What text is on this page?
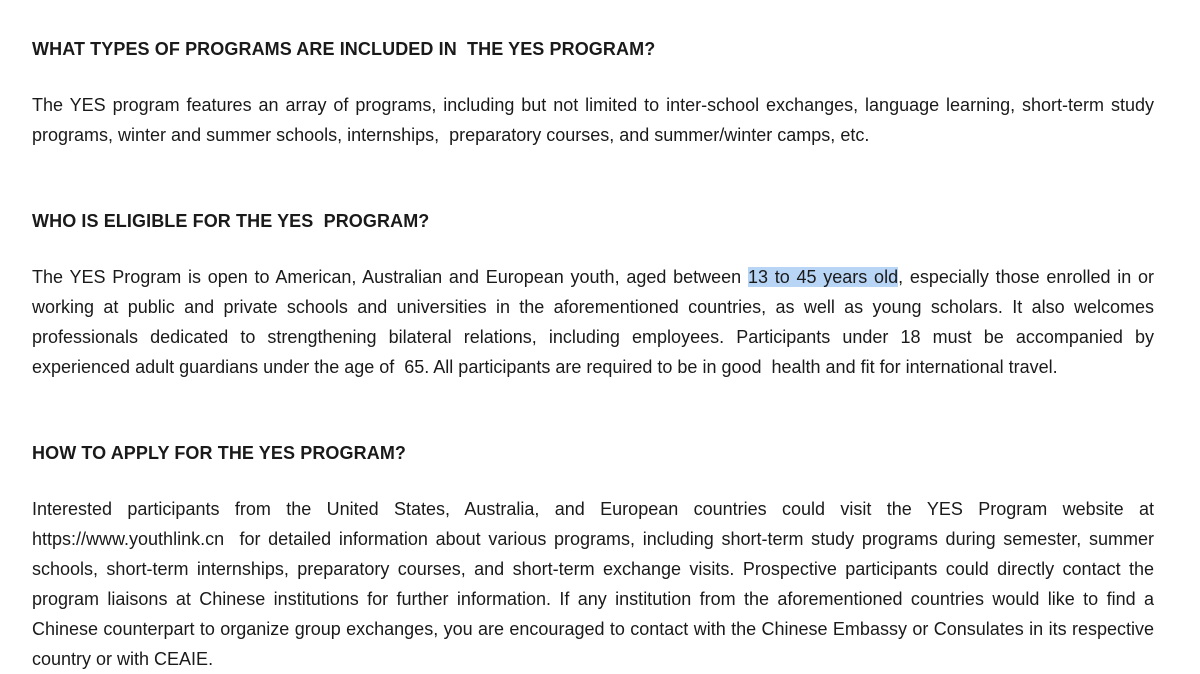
WHAT TYPES OF PROGRAMS ARE INCLUDED IN  THE YES PROGRAM?

The YES program features an array of programs, including but not limited to inter-school exchanges, language learning, short-term study programs, winter and summer schools, internships,  preparatory courses, and summer/winter camps, etc.

WHO IS ELIGIBLE FOR THE YES  PROGRAM?

The YES Program is open to American, Australian and European youth, aged between 13 to 45 years old, especially those enrolled in or working at public and private schools and universities in the aforementioned countries, as well as young scholars. It also welcomes professionals dedicated to strengthening bilateral relations, including employees. Participants under 18 must be accompanied by experienced adult guardians under the age of  65. All participants are required to be in good  health and fit for international travel.

HOW TO APPLY FOR THE YES PROGRAM?

Interested participants from the United States, Australia, and European countries could visit the YES Program website at https://www.youthlink.cn  for detailed information about various programs, including short-term study programs during semester, summer schools, short-term internships, preparatory courses, and short-term exchange visits. Prospective participants could directly contact the program liaisons at Chinese institutions for further information. If any institution from the aforementioned countries would like to find a Chinese counterpart to organize group exchanges, you are encouraged to contact with the Chinese Embassy or Consulates in its respective country or with CEAIE.
